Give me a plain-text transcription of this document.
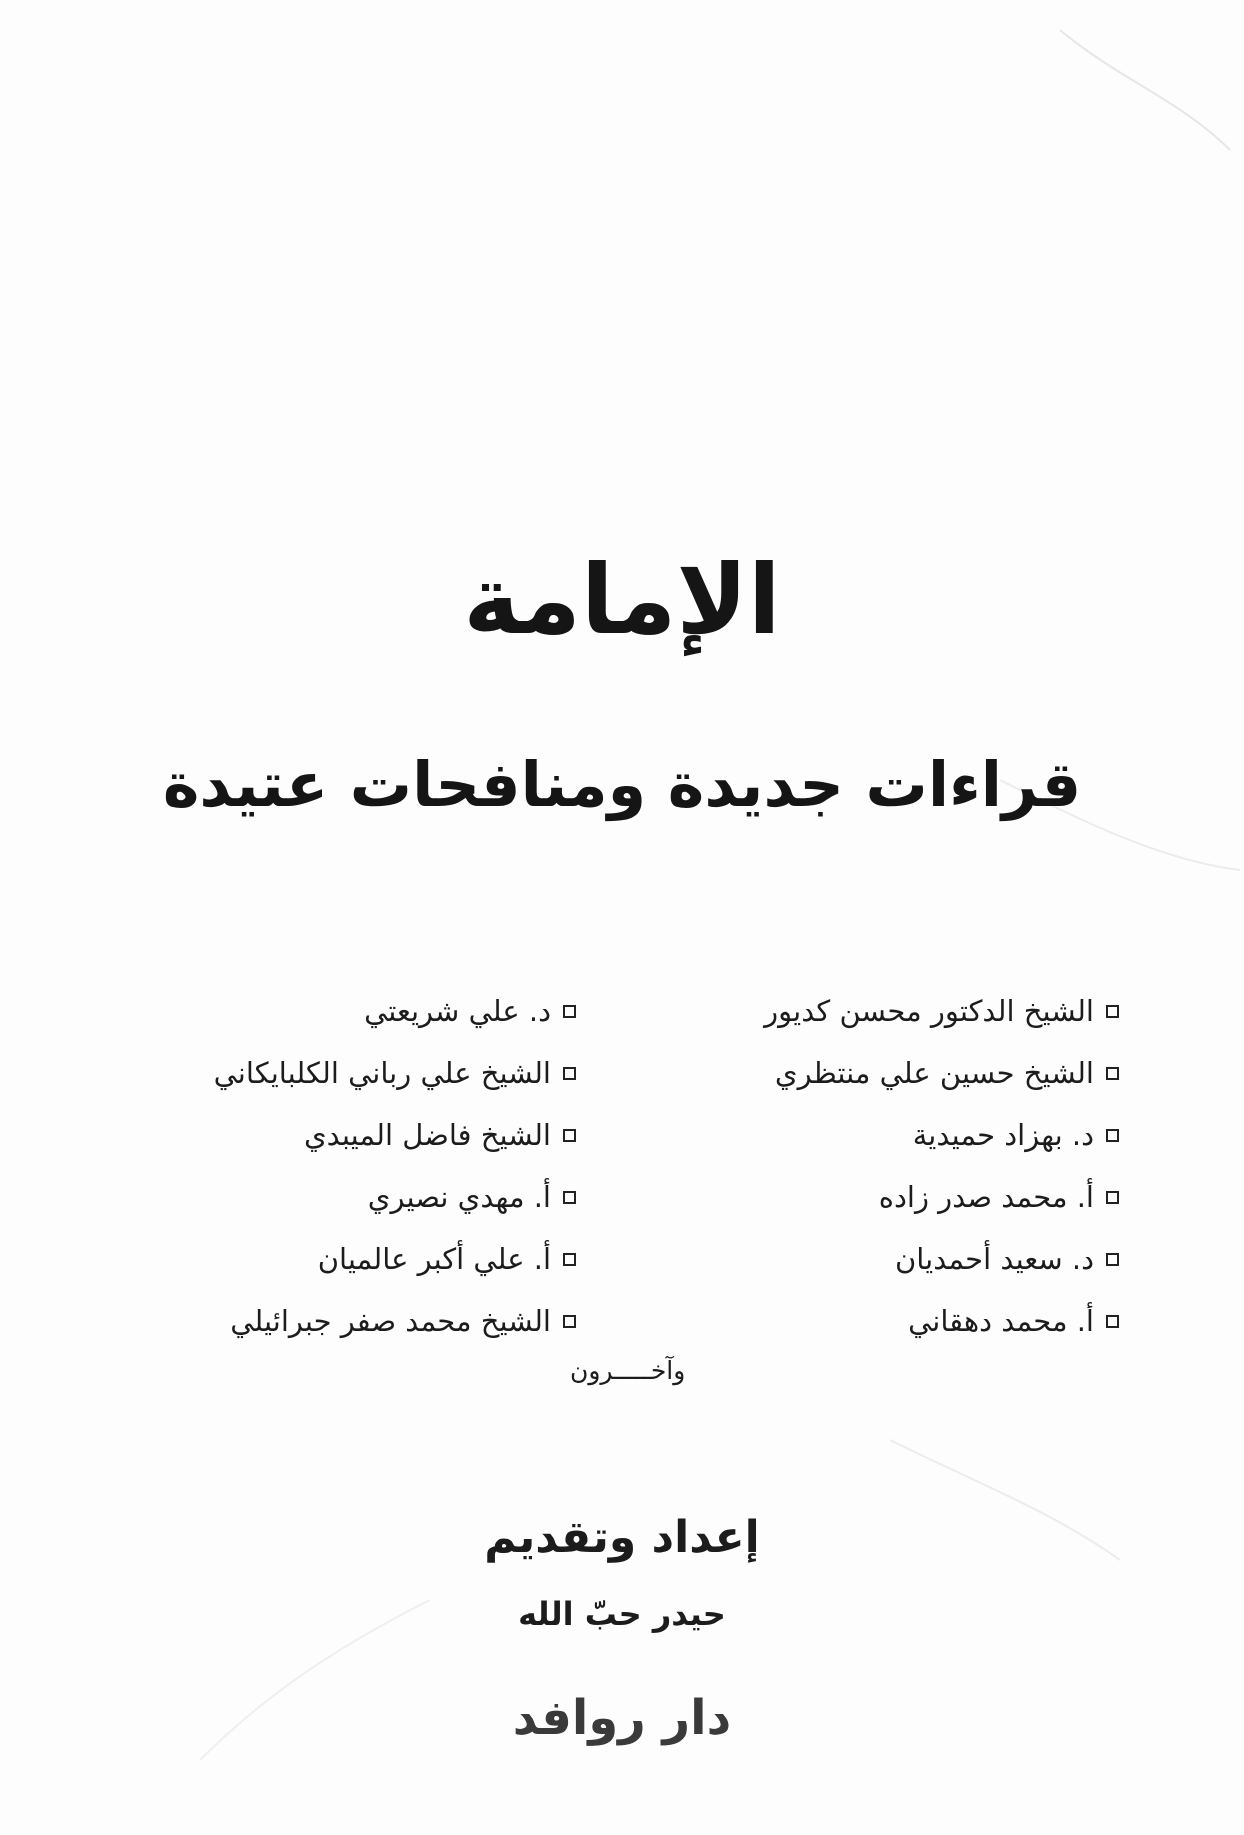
الإمامة
قراءات جديدة ومنافحات عتيدة
الشيخ الدكتور محسن كديور
الشيخ حسين علي منتظري
د. بهزاد حميدية
أ. محمد صدر زاده
د. سعيد أحمديان
أ. محمد دهقاني
د. علي شريعتي
الشيخ علي رباني الكلبايكاني
الشيخ فاضل الميبدي
أ. مهدي نصيري
أ. علي أكبر عالميان
الشيخ محمد صفر جبرائيلي
وآخـــــرون
إعداد وتقديم
حيدر حبّ الله
دار روافد
